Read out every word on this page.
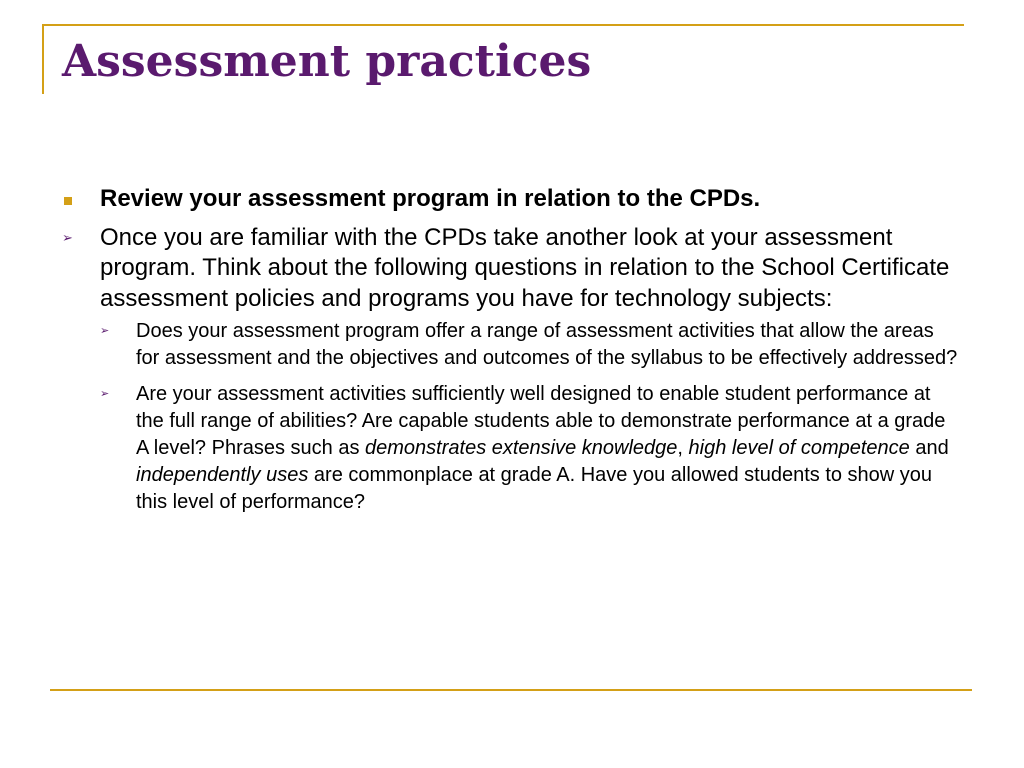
Assessment practices
Review your assessment program in relation to the CPDs.
➢ Once you are familiar with the CPDs take another look at your assessment program. Think about the following questions in relation to the School Certificate assessment policies and programs you have for technology subjects:
➢ Does your assessment program offer a range of assessment activities that allow the areas for assessment and the objectives and outcomes of the syllabus to be effectively addressed?
➢ Are your assessment activities sufficiently well designed to enable student performance at the full range of abilities? Are capable students able to demonstrate performance at a grade A level? Phrases such as demonstrates extensive knowledge, high level of competence and independently uses are commonplace at grade A. Have you allowed students to show you this level of performance?
